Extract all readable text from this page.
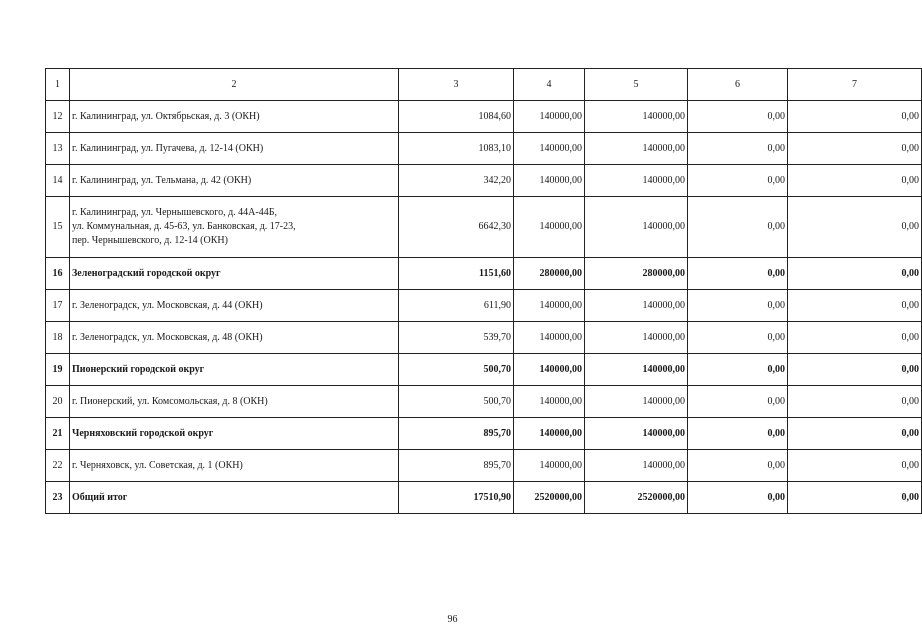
1	2	3	4	5	6	7
12	г. Калининград, ул. Октябрьская, д. 3 (ОКН)	1084,60	140000,00	140000,00	0,00	0,00
13	г. Калининград, ул. Пугачева, д. 12-14 (ОКН)	1083,10	140000,00	140000,00	0,00	0,00
14	г. Калининград, ул. Тельмана, д. 42 (ОКН)	342,20	140000,00	140000,00	0,00	0,00
15	г. Калининград, ул. Чернышевского, д. 44А-44Б,
ул. Коммунальная, д. 45-63, ул. Банковская, д. 17-23,
пер. Чернышевского, д. 12-14 (ОКН)	6642,30	140000,00	140000,00	0,00	0,00
16	Зеленоградский городской округ	1151,60	280000,00	280000,00	0,00	0,00
17	г. Зеленоградск, ул. Московская, д. 44 (ОКН)	611,90	140000,00	140000,00	0,00	0,00
18	г. Зеленоградск, ул. Московская, д. 48 (ОКН)	539,70	140000,00	140000,00	0,00	0,00
19	Пионерский городской округ	500,70	140000,00	140000,00	0,00	0,00
20	г. Пионерский, ул. Комсомольская, д. 8 (ОКН)	500,70	140000,00	140000,00	0,00	0,00
21	Черняховский городской округ	895,70	140000,00	140000,00	0,00	0,00
22	г. Черняховск, ул. Советская, д. 1 (ОКН)	895,70	140000,00	140000,00	0,00	0,00
23	Общий итог	17510,90	2520000,00	2520000,00	0,00	0,00
96
